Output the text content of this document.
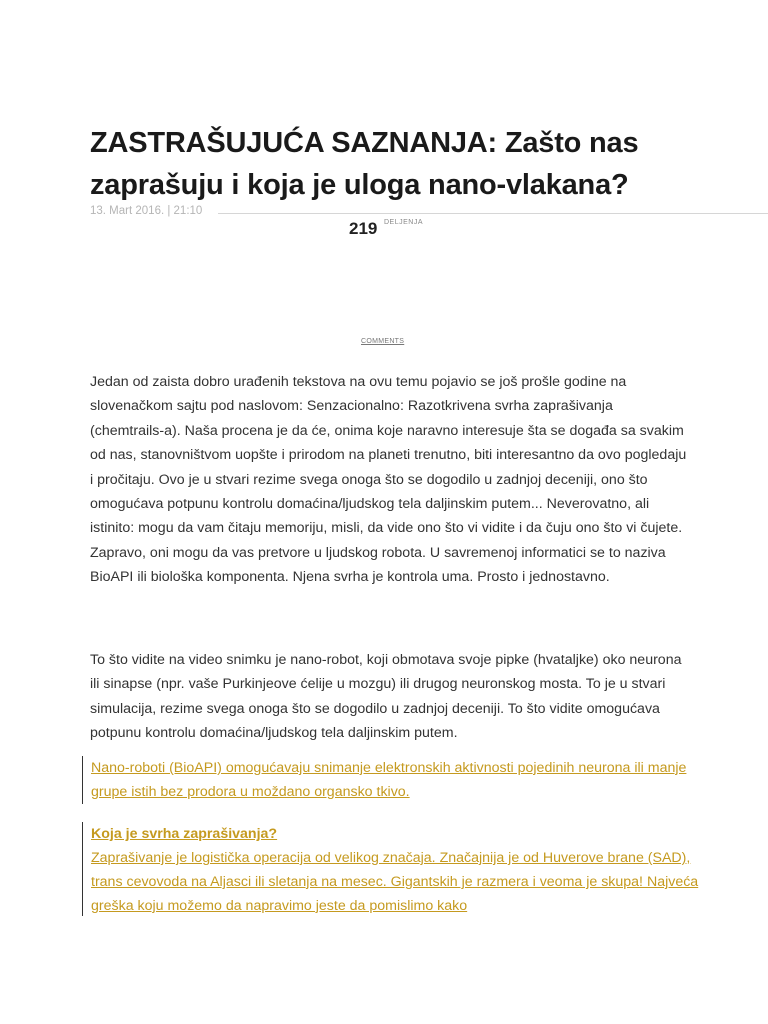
ZASTRAŠUJUĆA SAZNANJA: Zašto nas zaprašuju i koja je uloga nano-vlakana?
13. Mart 2016. | 21:10
219 DELJENJA
COMMENTS

Jedan od zaista dobro urađenih tekstova na ovu temu pojavio se još prošle godine na slovenačkom sajtu pod naslovom: Senzacionalno: Razotkrivena svrha zaprašivanja (chemtrails-a). Naša procena je da će, onima koje naravno interesuje šta se događa sa svakim od nas, stanovništvom uopšte i prirodom na planeti trenutno, biti interesantno da ovo pogledaju i pročitaju. Ovo je u stvari rezime svega onoga što se dogodilo u zadnjoj deceniji, ono što omogućava potpunu kontrolu domaćina/ljudskog tela daljinskim putem... Neverovatno, ali istinito: mogu da vam čitaju memoriju, misli, da vide ono što vi vidite i da čuju ono što vi čujete. Zapravo, oni mogu da vas pretvore u ljudskog robota. U savremenoj informatici se to naziva BioAPI ili biološka komponenta. Njena svrha je kontrola uma. Prosto i jednostavno.

To što vidite na video snimku je nano-robot, koji obmotava svoje pipke (hvataljke) oko neurona ili sinapse (npr. vaše Purkinjeove ćelije u mozgu) ili drugog neuronskog mosta. To je u stvari simulacija, rezime svega onoga što se dogodilo u zadnjoj deceniji. To što vidite omogućava potpunu kontrolu domaćina/ljudskog tela daljinskim putem.

Nano-roboti (BioAPI) omogućavaju snimanje elektronskih aktivnosti pojedinih neurona ili manje grupe istih bez prodora u moždano organsko tkivo.

Koja je svrha zaprašivanja?

Zaprašivanje je logistička operacija od velikog značaja. Značajnija je od Huverove brane (SAD), trans cevovoda na Aljasci ili sletanja na mesec. Gigantskih je razmera i veoma je skupa! Najveća greška koju možemo da napravimo jeste da pomislimo kako
